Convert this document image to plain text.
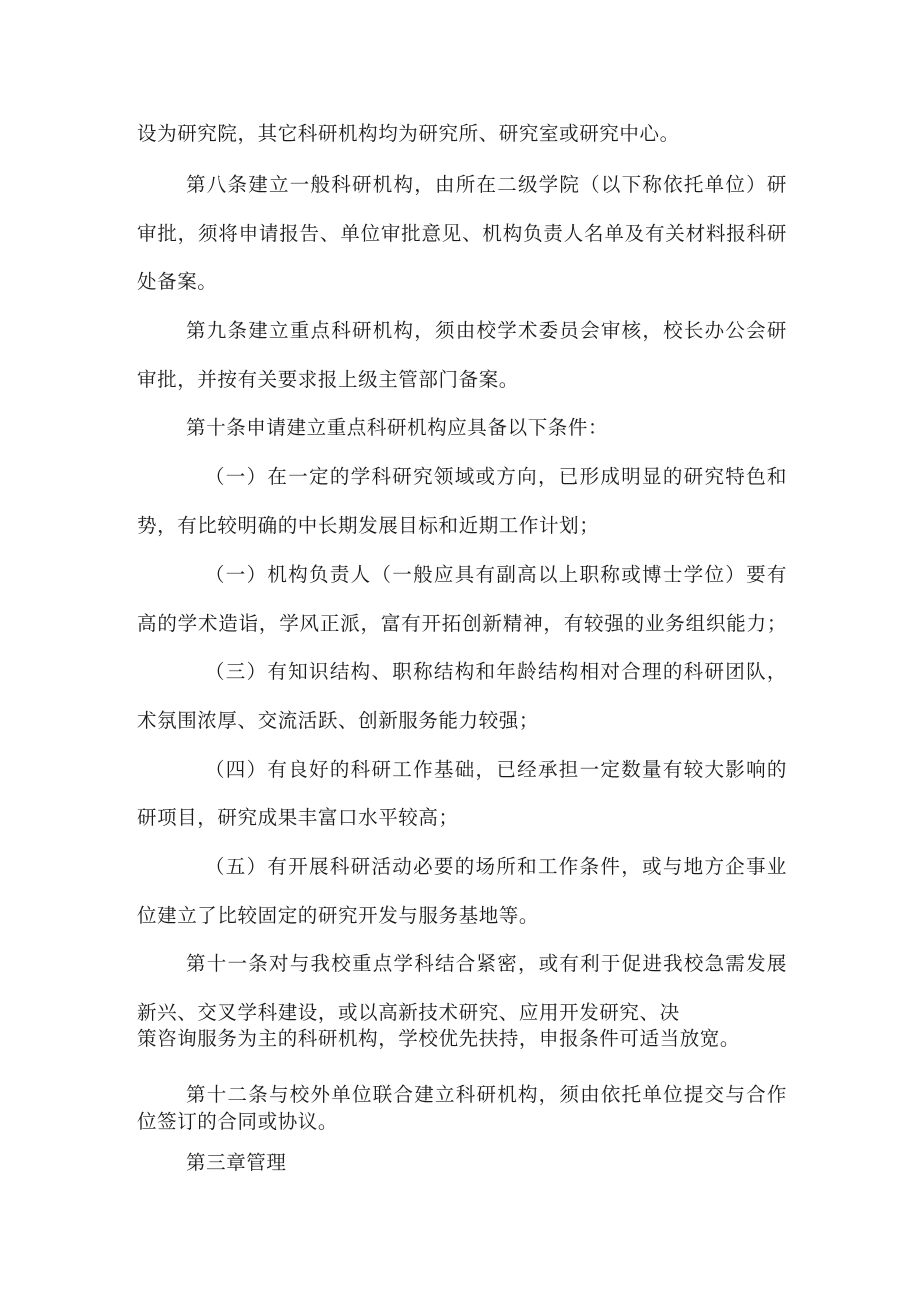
设为研究院，其它科研机构均为研究所、研究室或研究中心。
第八条建立一般科研机构，由所在二级学院（以下称依托单位）研
审批，须将申请报告、单位审批意见、机构负责人名单及有关材料报科研
处备案。
第九条建立重点科研机构，须由校学术委员会审核，校长办公会研
审批，并按有关要求报上级主管部门备案。
第十条申请建立重点科研机构应具备以下条件：
（一）在一定的学科研究领域或方向，已形成明显的研究特色和
势，有比较明确的中长期发展目标和近期工作计划；
（一）机构负责人（一般应具有副高以上职称或博士学位）要有
高的学术造诣，学风正派，富有开拓创新精神，有较强的业务组织能力；
（三）有知识结构、职称结构和年龄结构相对合理的科研团队，
术氛围浓厚、交流活跃、创新服务能力较强；
（四）有良好的科研工作基础，已经承担一定数量有较大影响的
研项目，研究成果丰富口水平较高；
（五）有开展科研活动必要的场所和工作条件，或与地方企事业
位建立了比较固定的研究开发与服务基地等。
第十一条对与我校重点学科结合紧密，或有利于促进我校急需发展
新兴、交叉学科建设，或以高新技术研究、应用开发研究、决
策咨询服务为主的科研机构，学校优先扶持，申报条件可适当放宽。
第十二条与校外单位联合建立科研机构，须由依托单位提交与合作
位签订的合同或协议。
第三章管理
